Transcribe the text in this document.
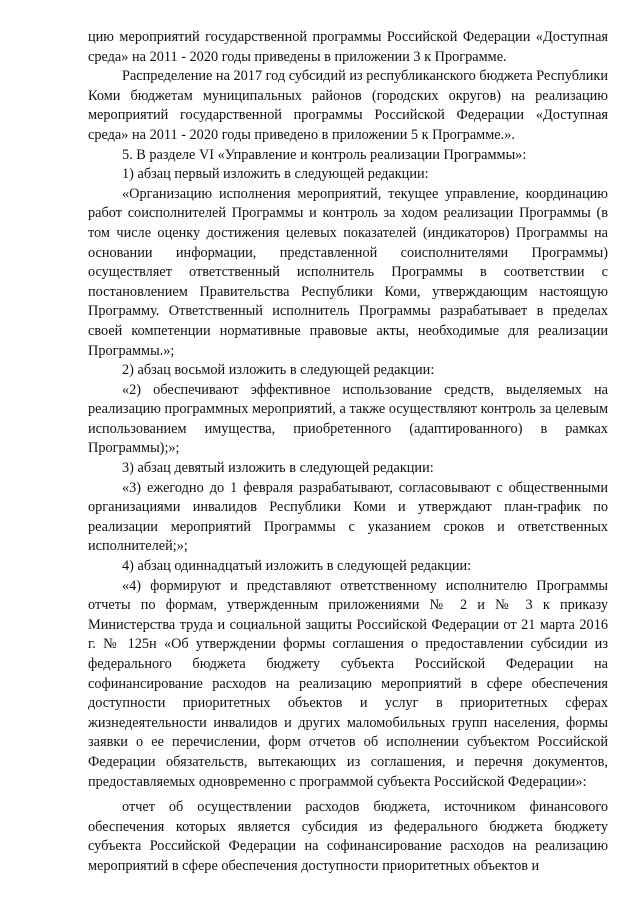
цию мероприятий государственной программы Российской Федерации «Доступная среда» на 2011 - 2020 годы приведены в приложении 3 к Программе.

Распределение на 2017 год субсидий из республиканского бюджета Республики Коми бюджетам муниципальных районов (городских округов) на реализацию мероприятий государственной программы Российской Федерации «Доступная среда» на 2011 - 2020 годы приведено в приложении 5 к Программе.».

5. В разделе VI «Управление и контроль реализации Программы»:

1) абзац первый изложить в следующей редакции:

«Организацию исполнения мероприятий, текущее управление, координацию работ соисполнителей Программы и контроль за ходом реализации Программы (в том числе оценку достижения целевых показателей (индикаторов) Программы на основании информации, представленной соисполнителями Программы) осуществляет ответственный исполнитель Программы в соответствии с постановлением Правительства Республики Коми, утверждающим настоящую Программу. Ответственный исполнитель Программы разрабатывает в пределах своей компетенции нормативные правовые акты, необходимые для реализации Программы.»;

2) абзац восьмой изложить в следующей редакции:

«2) обеспечивают эффективное использование средств, выделяемых на реализацию программных мероприятий, а также осуществляют контроль за целевым использованием имущества, приобретенного (адаптированного) в рамках Программы);»;

3) абзац девятый изложить в следующей редакции:

«3) ежегодно до 1 февраля разрабатывают, согласовывают с общественными организациями инвалидов Республики Коми и утверждают план-график по реализации мероприятий Программы с указанием сроков и ответственных исполнителей;»;

4) абзац одиннадцатый изложить в следующей редакции:

«4) формируют и представляют ответственному исполнителю Программы отчеты по формам, утвержденным приложениями № 2 и № 3 к приказу Министерства труда и социальной защиты Российской Федерации от 21 марта 2016 г. № 125н «Об утверждении формы соглашения о предоставлении субсидии из федерального бюджета бюджету субъекта Российской Федерации на софинансирование расходов на реализацию мероприятий в сфере обеспечения доступности приоритетных объектов и услуг в приоритетных сферах жизнедеятельности инвалидов и других маломобильных групп населения, формы заявки о ее перечислении, форм отчетов об исполнении субъектом Российской Федерации обязательств, вытекающих из соглашения, и перечня документов, предоставляемых одновременно с программой субъекта Российской Федерации»:

отчет об осуществлении расходов бюджета, источником финансового обеспечения которых является субсидия из федерального бюджета бюджету субъекта Российской Федерации на софинансирование расходов на реализацию мероприятий в сфере обеспечения доступности приоритетных объектов и
